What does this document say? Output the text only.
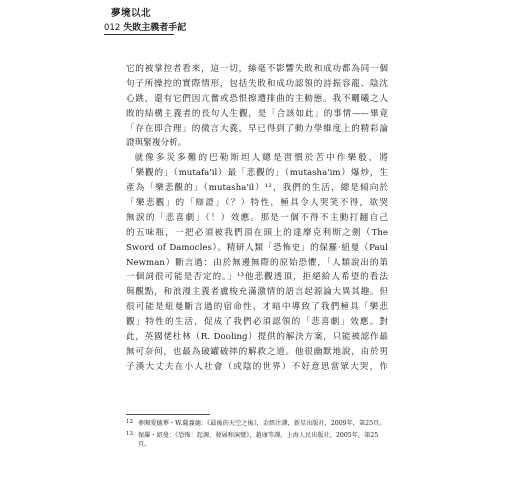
夢境以北
012 失敗主義者手記
它的被掌控者看來，這一切，絲毫不影響失敗和成功都為同一個
句子所操控的實際情形，包括失敗和成功認領的詩振容龍、陰沈
心跳，還有它們因亢奮或恐恨擦遭排曲的主動態。我不曬曦之人
敗的結構主義者的長句人生觀，是「合該如此」的事情——畢竟
「存在即合理」的微言大義，早已得到了動力學維度上的精彩論
證與緊複分析。
就像多災多難的巴勒斯坦人總是習慣於苦中作樂般，將
「樂觀的」（mutafa'il）最「悲觀的」（mutasha'im）爆炒，生
產為「樂悲觀的」（mutasha'il）¹²，我們的生活，總是傾向於
「樂悲觀」的「辯證」（？）特性，極具令人哭笑不得，欲哭
無淚的「悲喜劇」（！）效應。那是一個不得不主動打翻自己
的五味瓶，一把必須被我們頂在頭上的達摩克利斯之劍（The
Sword of Damocles）。精研人類「恐怖史」的保羅·紐曼（Paul
Newman）斷言過：由於無邊無際的原始恐懼，「人類說出的第
一個詞很可能是否定的。」¹³他悲觀透頂，拒絕給人希望的看法
與觀點，和浪漫主義者盧梭充滿激情的語言起源論大異其趣。但
很可能是紐曼斷言過的宿命性，才暗中導致了我們極具「樂悲
觀」特性的生活，促成了我們必須認領的「悲喜劇」效應。對
此，英國佬杜林（R. Dooling）提供的解決方案，只能被認作最
無可奈何，也最為破罐破摔的解救之道。他很幽默地說，由於男
子漢大丈夫在小人社會（或陰的世界）不好意思當眾大哭，作
12 參閱愛德華・W.薩義德：《最後的天空之後》，金經注譯，新星出版社，2009年，第25頁。
13 保羅・紐曼：《恐怖：起源、發展和演變》，趙康等譯，上海人民出版社，2005年，第25頁。
